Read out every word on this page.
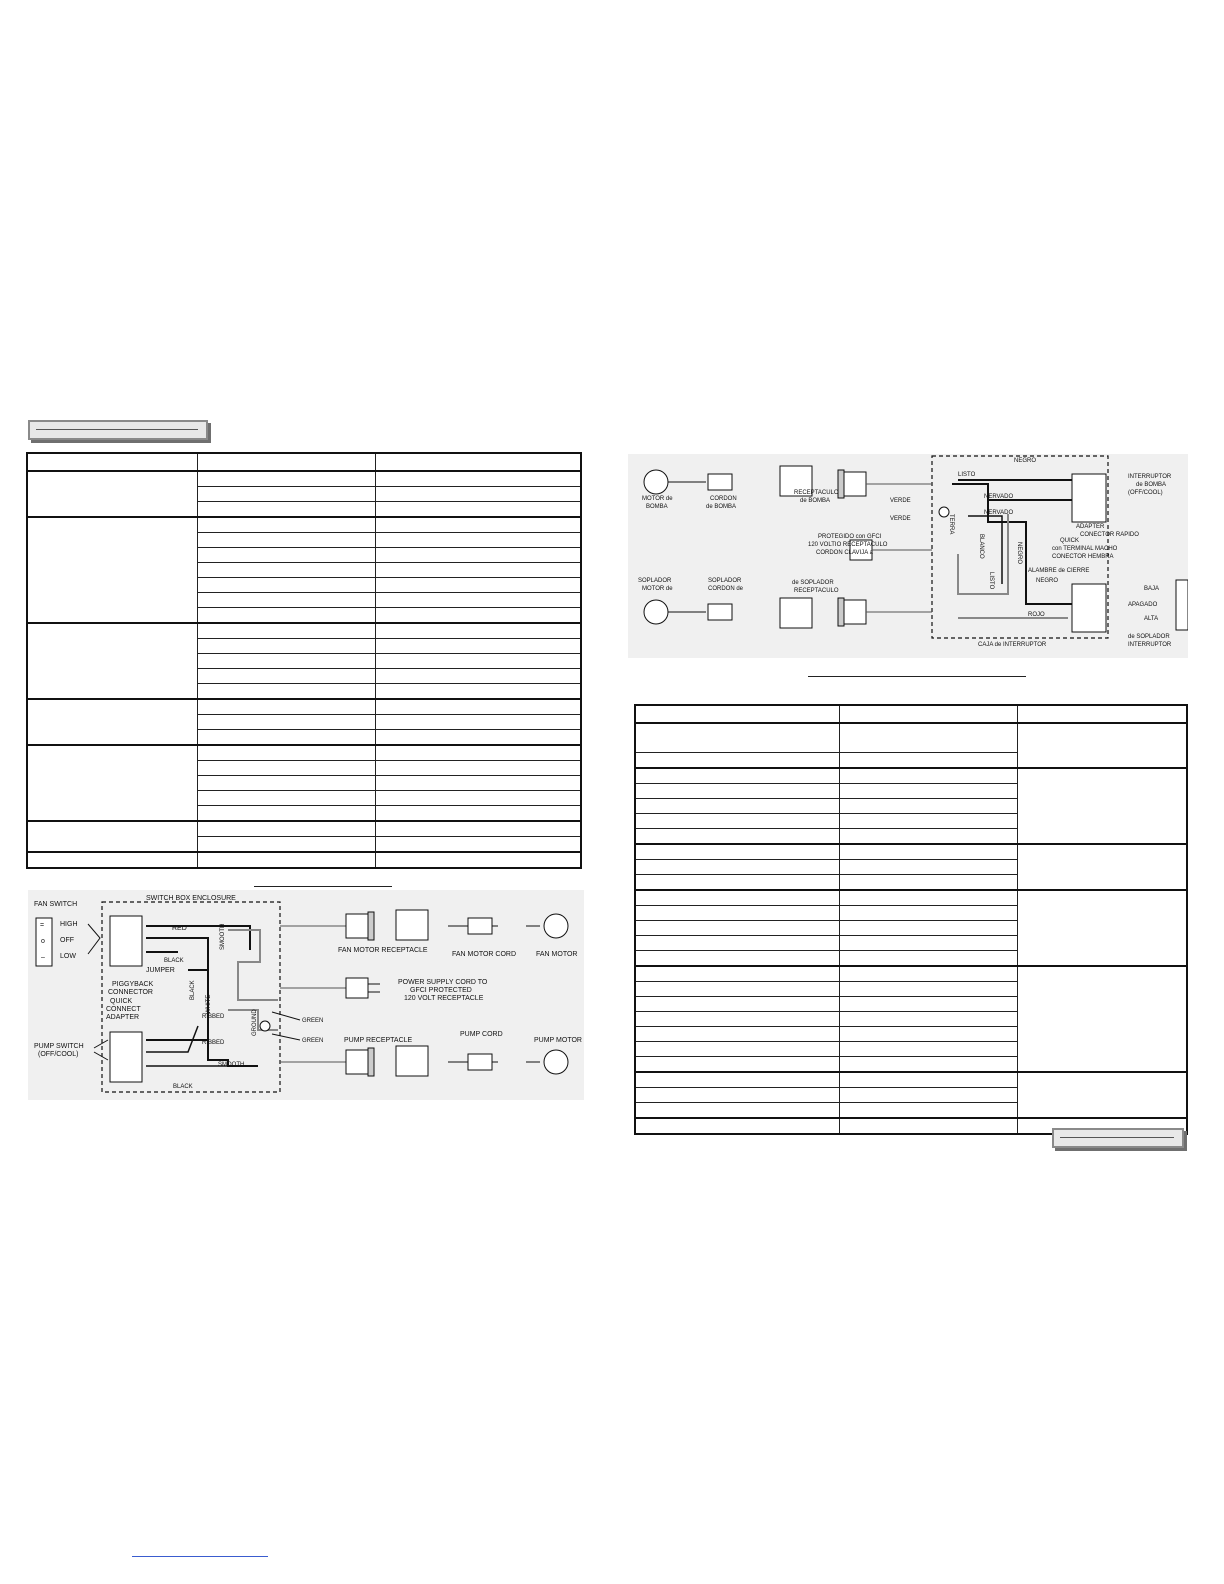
SWITCH BOX ENCLOSURE
FAN SWITCH
=
o
–
HIGH
OFF
LOW
RED
BLACK
JUMPER
RIBBED
RIBBED
SMOOTH
BLACK
SMOOTH
BLACK
WHITE
GROUND
PIGGYBACK
CONNECTOR
QUICK
CONNECT
ADAPTER
PUMP SWITCH
(OFF/COOL)
GREEN
GREEN
FAN MOTOR RECEPTACLE
FAN MOTOR CORD	FAN MOTOR
POWER SUPPLY CORD TO
GFCI PROTECTED
120 VOLT RECEPTACLE
PUMP RECEPTACLE
PUMP CORD
PUMP MOTOR
MOTOR de
BOMBA
CORDON
de BOMBA
RECEPTACULO
de BOMBA	VERDE
VERDE	TERRA
LISTO
NEGRO
NERVADO
NERVADO
INTERRUPTOR
de BOMBA
(OFF/COOL)
ADAPTER
CONECTOR RAPIDO
QUICK
con TERMINAL MACHO
CONECTOR HEMBRA
PROTEGIDO con GFCI
120 VOLTIO RECEPTACULO
CORDON CLAVIJA a	BLANCO	NEGRO
ALAMBRE de CIERRE
NEGRO
LISTO
ROJO
SOPLADOR
MOTOR de
SOPLADOR
CORDON de
de SOPLADOR
RECEPTACULO	BAJA
APAGADO
ALTA
CAJA de INTERRUPTOR
de SOPLADOR
INTERRUPTOR
